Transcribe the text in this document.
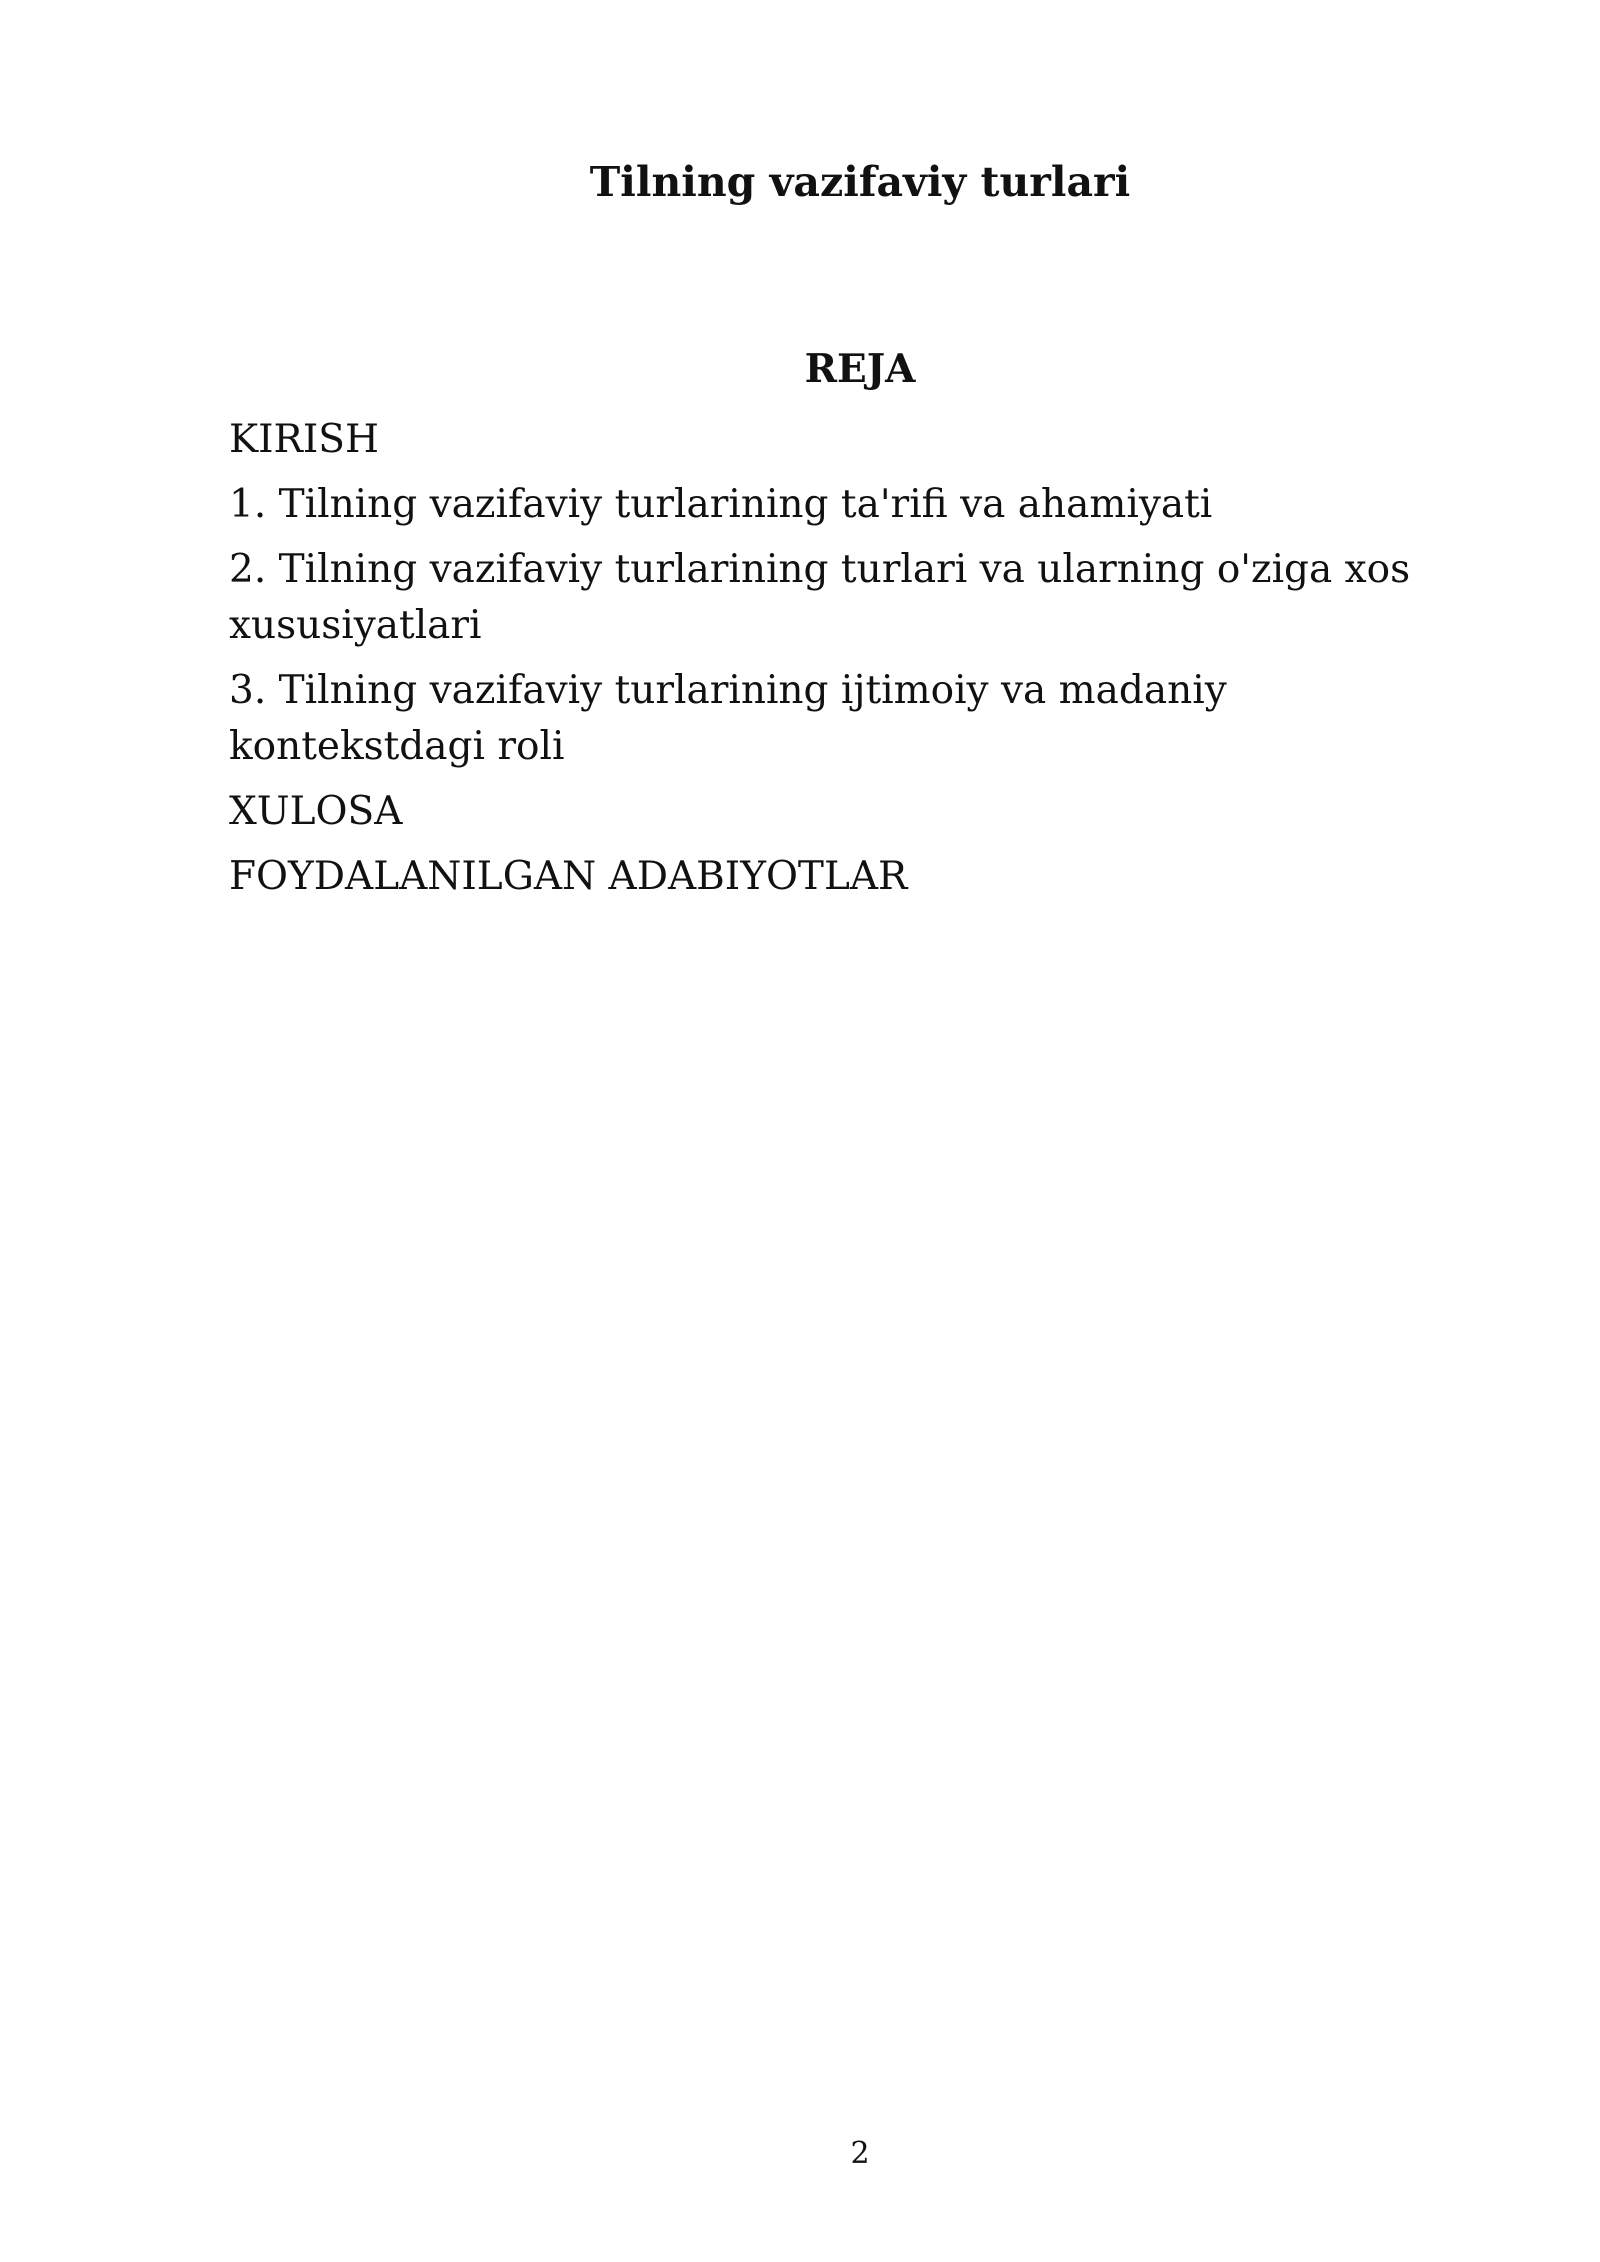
Tilning vazifaviy turlari
REJA
KIRISH
1. Tilning vazifaviy turlarining ta'rifi va ahamiyati
2. Tilning vazifaviy turlarining turlari va ularning o'ziga xos xususiyatlari
3. Tilning vazifaviy turlarining ijtimoiy va madaniy kontekstdagi roli
XULOSA
FOYDALANILGAN ADABIYOTLAR
2
